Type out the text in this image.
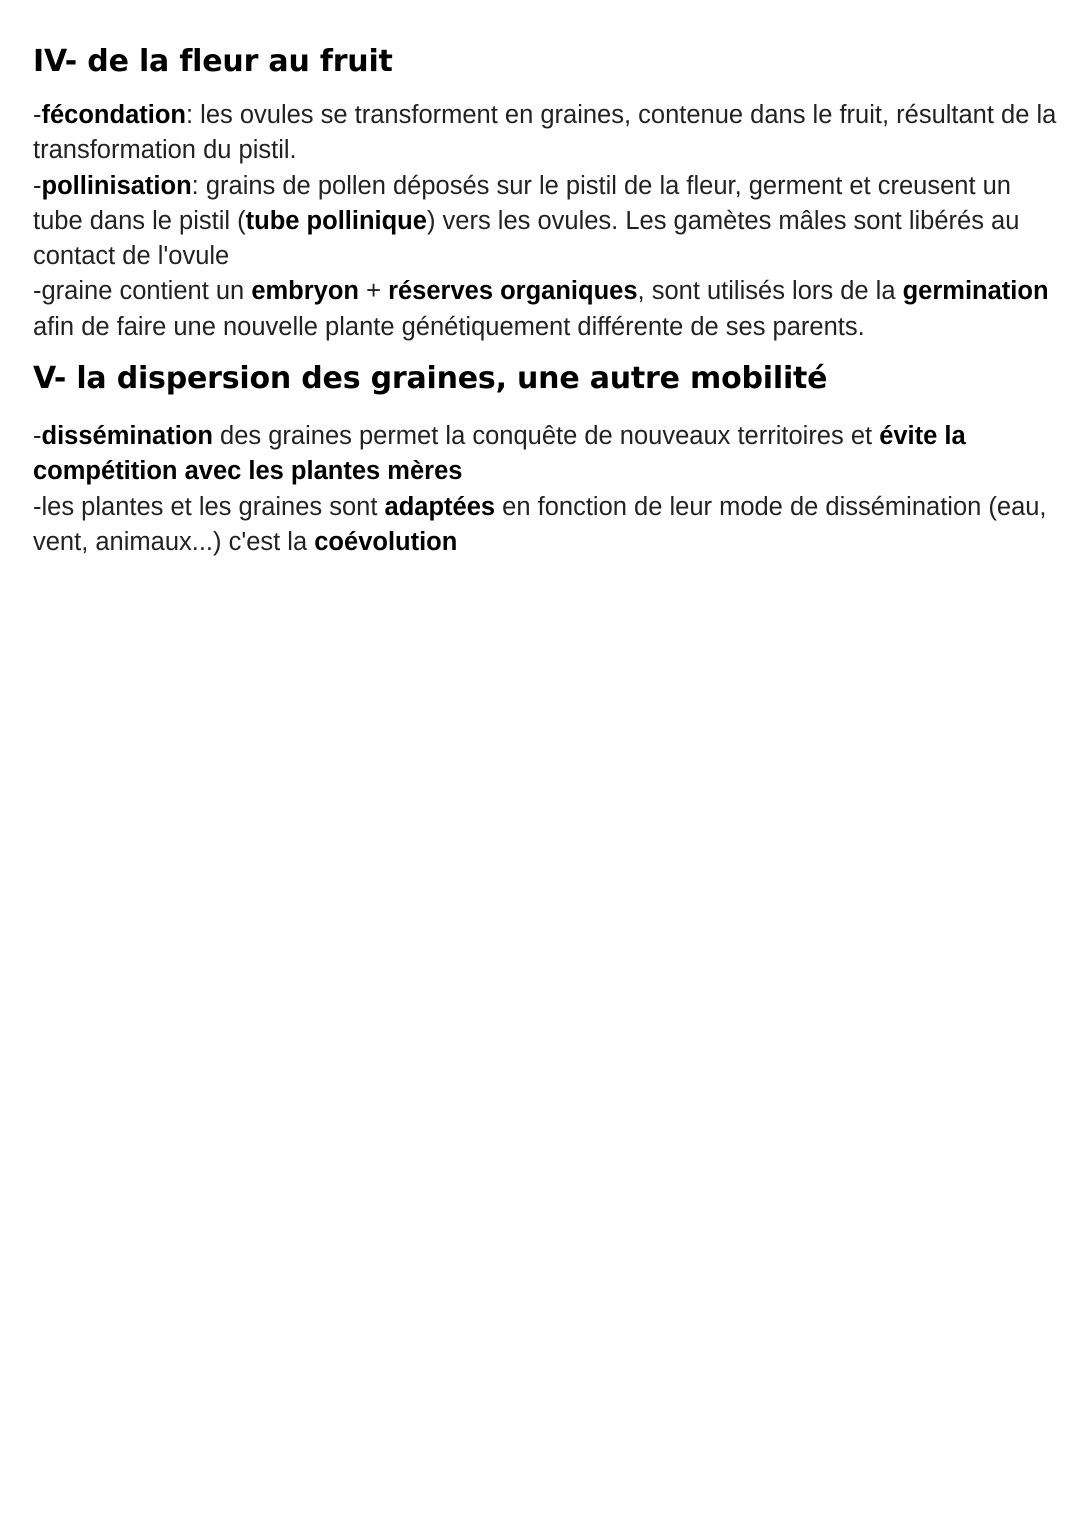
IV- de la fleur au fruit

-fécondation: les ovules se transforment en graines, contenue dans le fruit, résultant de la transformation du pistil.

-pollinisation: grains de pollen déposés sur le pistil de la fleur, germent et creusent un tube dans le pistil (tube pollinique) vers les ovules. Les gamètes mâles sont libérés au contact de l'ovule

-graine contient un embryon + réserves organiques, sont utilisés lors de la germination afin de faire une nouvelle plante génétiquement différente de ses parents.

V- la dispersion des graines, une autre mobilité

-dissémination des graines permet la conquête de nouveaux territoires et évite la compétition avec les plantes mères

-les plantes et les graines sont adaptées en fonction de leur mode de dissémination (eau, vent, animaux...) c'est la coévolution
